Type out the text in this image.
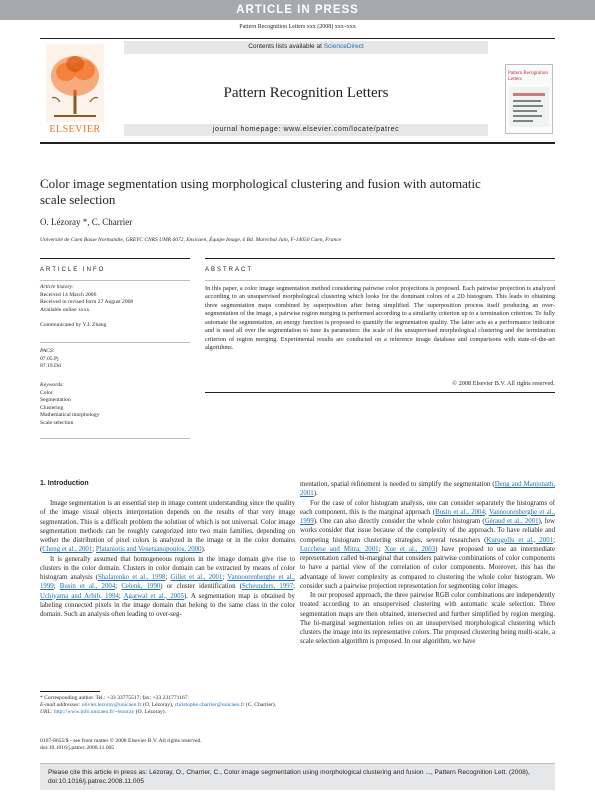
ARTICLE IN PRESS
Pattern Recognition Letters xxx (2008) xxx–xxx
ELSEVIER
Contents lists available at ScienceDirect
Pattern Recognition Letters
journal homepage: www.elsevier.com/locate/patrec
Pattern Recognition Letters
Color image segmentation using morphological clustering and fusion with automatic scale selection
O. Lézoray *, C. Charrier
Université de Caen Basse Normandie, GREYC CNRS UMR 6072, Ensicaen, Équipe Image, 6 Bd. Maréchal Juin, F-14050 Caen, France
ARTICLE INFO	ABSTRACT
Article history:
Received 14 March 2006
Received in revised form 27 August 2008
Available online xxxx
Communicated by Y.J. Zhang
PACS:
07.05.Pj
87.19.Dd
Keywords:
Color
Segmentation
Clustering
Mathematical morphology
Scale selection
In this paper, a color image segmentation method considering pairwise color projections is proposed. Each pairwise projection is analyzed according to an unsupervised morphological clustering which looks for the dominant colors of a 2D histogram. This leads to obtaining three segmentation maps combined by superposition after being simplified. The superposition process itself producing an over-segmentation of the image, a pairwise region merging is performed according to a similarity criterion up to a termination criterion. To fully automate the segmentation, an energy function is proposed to quantify the segmentation quality. The latter acts as a performance indicator and is used all over the segmentation to tune its parameters: the scale of the unsupervised morphological clustering and the termination criterion of region merging. Experimental results are conducted on a reference image database and comparisons with state-of-the-art algorithms.
© 2008 Elsevier B.V. All rights reserved.
1. Introduction

Image segmentation is an essential step in image content understanding since the quality of the image visual objects interpretation depends on the results of that very image segmentation. This is a difficult problem the solution of which is not universal. Color image segmentation methods can be roughly categorized into two main families, depending on wether the distribution of pixel colors is analyzed in the image or in the color domains (Cheng et al., 2001; Plataniotis and Venetsanopoulos, 2000).

It is generally assumed that homogeneous regions in the image domain give rise to clusters in the color domain. Clusters in color domain can be extracted by means of color histogram analysis (Shafarenko et al., 1998; Gillet et al., 2001; Vannoorenberghe et al., 1999; Busin et al., 2004; Celenk, 1990) or cluster identification (Scheunders, 1997; Uchiyama and Arbib, 1994; Agarwal et al., 2005). A segmentation map is obtained by labeling connected pixels in the image domain that belong to the same class in the color domain. Such an analysis often leading to over-seg-

mentation, spatial refinement is needed to simplify the segmentation (Deng and Manjunath, 2001).

For the case of color histogram analysis, one can consider separately the histograms of each component, this is the marginal approach (Busin et al., 2004; Vannoorenberghe et al., 1999). One can also directly consider the whole color histogram (Géraud et al., 2001), few works consider that issue because of the complexity of the approach. To have reliable and competing histogram clustering strategies, several researchers (Kurugollu et al., 2001; Lucchese and Mitra, 2001; Xue et al., 2003) have proposed to use an intermediate representation called bi-marginal that considers pairwise combinations of color components to have a partial view of the correlation of color components. Moreover, this has the advantage of lower complexity as compared to clustering the whole color histogram. We consider such a pairwise projection representation for segmenting color images.

In our proposed approach, the three pairwise RGB color combinations are independently treated according to an unsupervised clustering with automatic scale selection. Three segmentation maps are then obtained, intersected and further simplified by region merging. The bi-marginal segmentation relies on an unsupervised morphological clustering which clusters the image into its representative colors. The proposed clustering being multi-scale, a scale selection algorithm is proposed. In our algorithm, we have

* Corresponding author. Tel.: +33 33775517; fax: +33 231771167.
E-mail addresses: olivier.lezoray@unicaen.fr (O. Lézoray), christophe.charrier@unicaen.fr (C. Charrier).
URL: http://www.info.unicaen.fr/~lezoray (O. Lézoray).
0167-8655/$ - see front matter © 2008 Elsevier B.V. All rights reserved.
doi:10.1016/j.patrec.2008.11.005
Please cite this article in press as: Lézoray, O., Charrier, C., Color image segmentation using morphological clustering and fusion ..., Pattern Recognition Lett. (2008), doi:10.1016/j.patrec.2008.11.005
